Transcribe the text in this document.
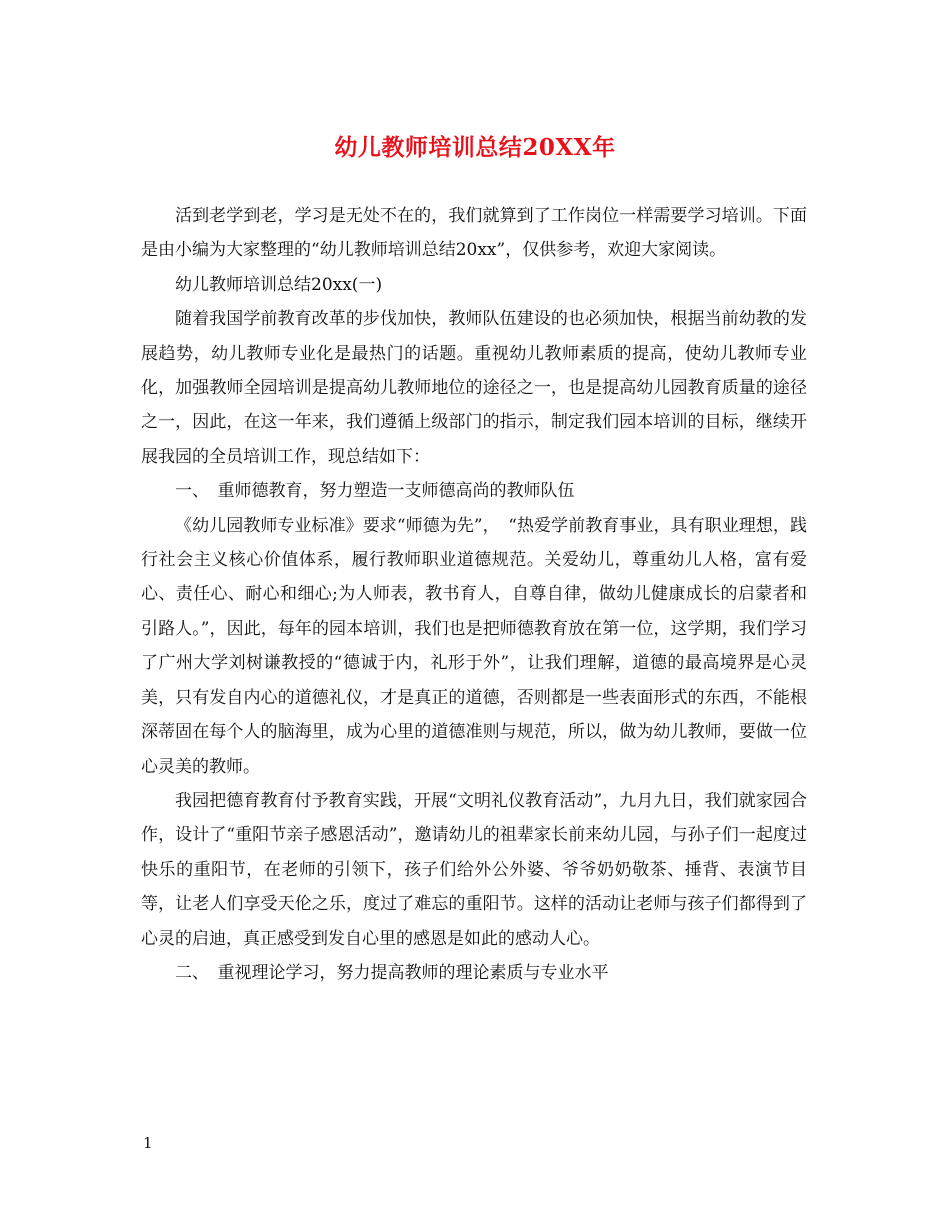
幼儿教师培训总结20XX年

活到老学到老，学习是无处不在的，我们就算到了工作岗位一样需要学习培训。下面是由小编为大家整理的“幼儿教师培训总结20xx”，仅供参考，欢迎大家阅读。

幼儿教师培训总结20xx(一)

随着我国学前教育改革的步伐加快，教师队伍建设的也必须加快，根据当前幼教的发展趋势，幼儿教师专业化是最热门的话题。重视幼儿教师素质的提高，使幼儿教师专业化，加强教师全园培训是提高幼儿教师地位的途径之一，也是提高幼儿园教育质量的途径之一，因此，在这一年来，我们遵循上级部门的指示，制定我们园本培训的目标，继续开展我园的全员培训工作，现总结如下：

一、　重师德教育，努力塑造一支师德高尚的教师队伍

《幼儿园教师专业标准》要求“师德为先”，　“热爱学前教育事业，具有职业理想，践行社会主义核心价值体系，履行教师职业道德规范。关爱幼儿，尊重幼儿人格，富有爱心、责任心、耐心和细心;为人师表，教书育人，自尊自律，做幼儿健康成长的启蒙者和引路人。”，因此，每年的园本培训，我们也是把师德教育放在第一位，这学期，我们学习了广州大学刘树谦教授的“德诚于内，礼形于外”，让我们理解，道德的最高境界是心灵美，只有发自内心的道德礼仪，才是真正的道德，否则都是一些表面形式的东西，不能根深蒂固在每个人的脑海里，成为心里的道德准则与规范，所以，做为幼儿教师，要做一位心灵美的教师。

我园把德育教育付予教育实践，开展“文明礼仪教育活动”，九月九日，我们就家园合作，设计了“重阳节亲子感恩活动”，邀请幼儿的祖辈家长前来幼儿园，与孙子们一起度过快乐的重阳节，在老师的引领下，孩子们给外公外婆、爷爷奶奶敬茶、捶背、表演节目等，让老人们享受天伦之乐，度过了难忘的重阳节。这样的活动让老师与孩子们都得到了心灵的启迪，真正感受到发自心里的感恩是如此的感动人心。

二、　重视理论学习，努力提高教师的理论素质与专业水平

1
